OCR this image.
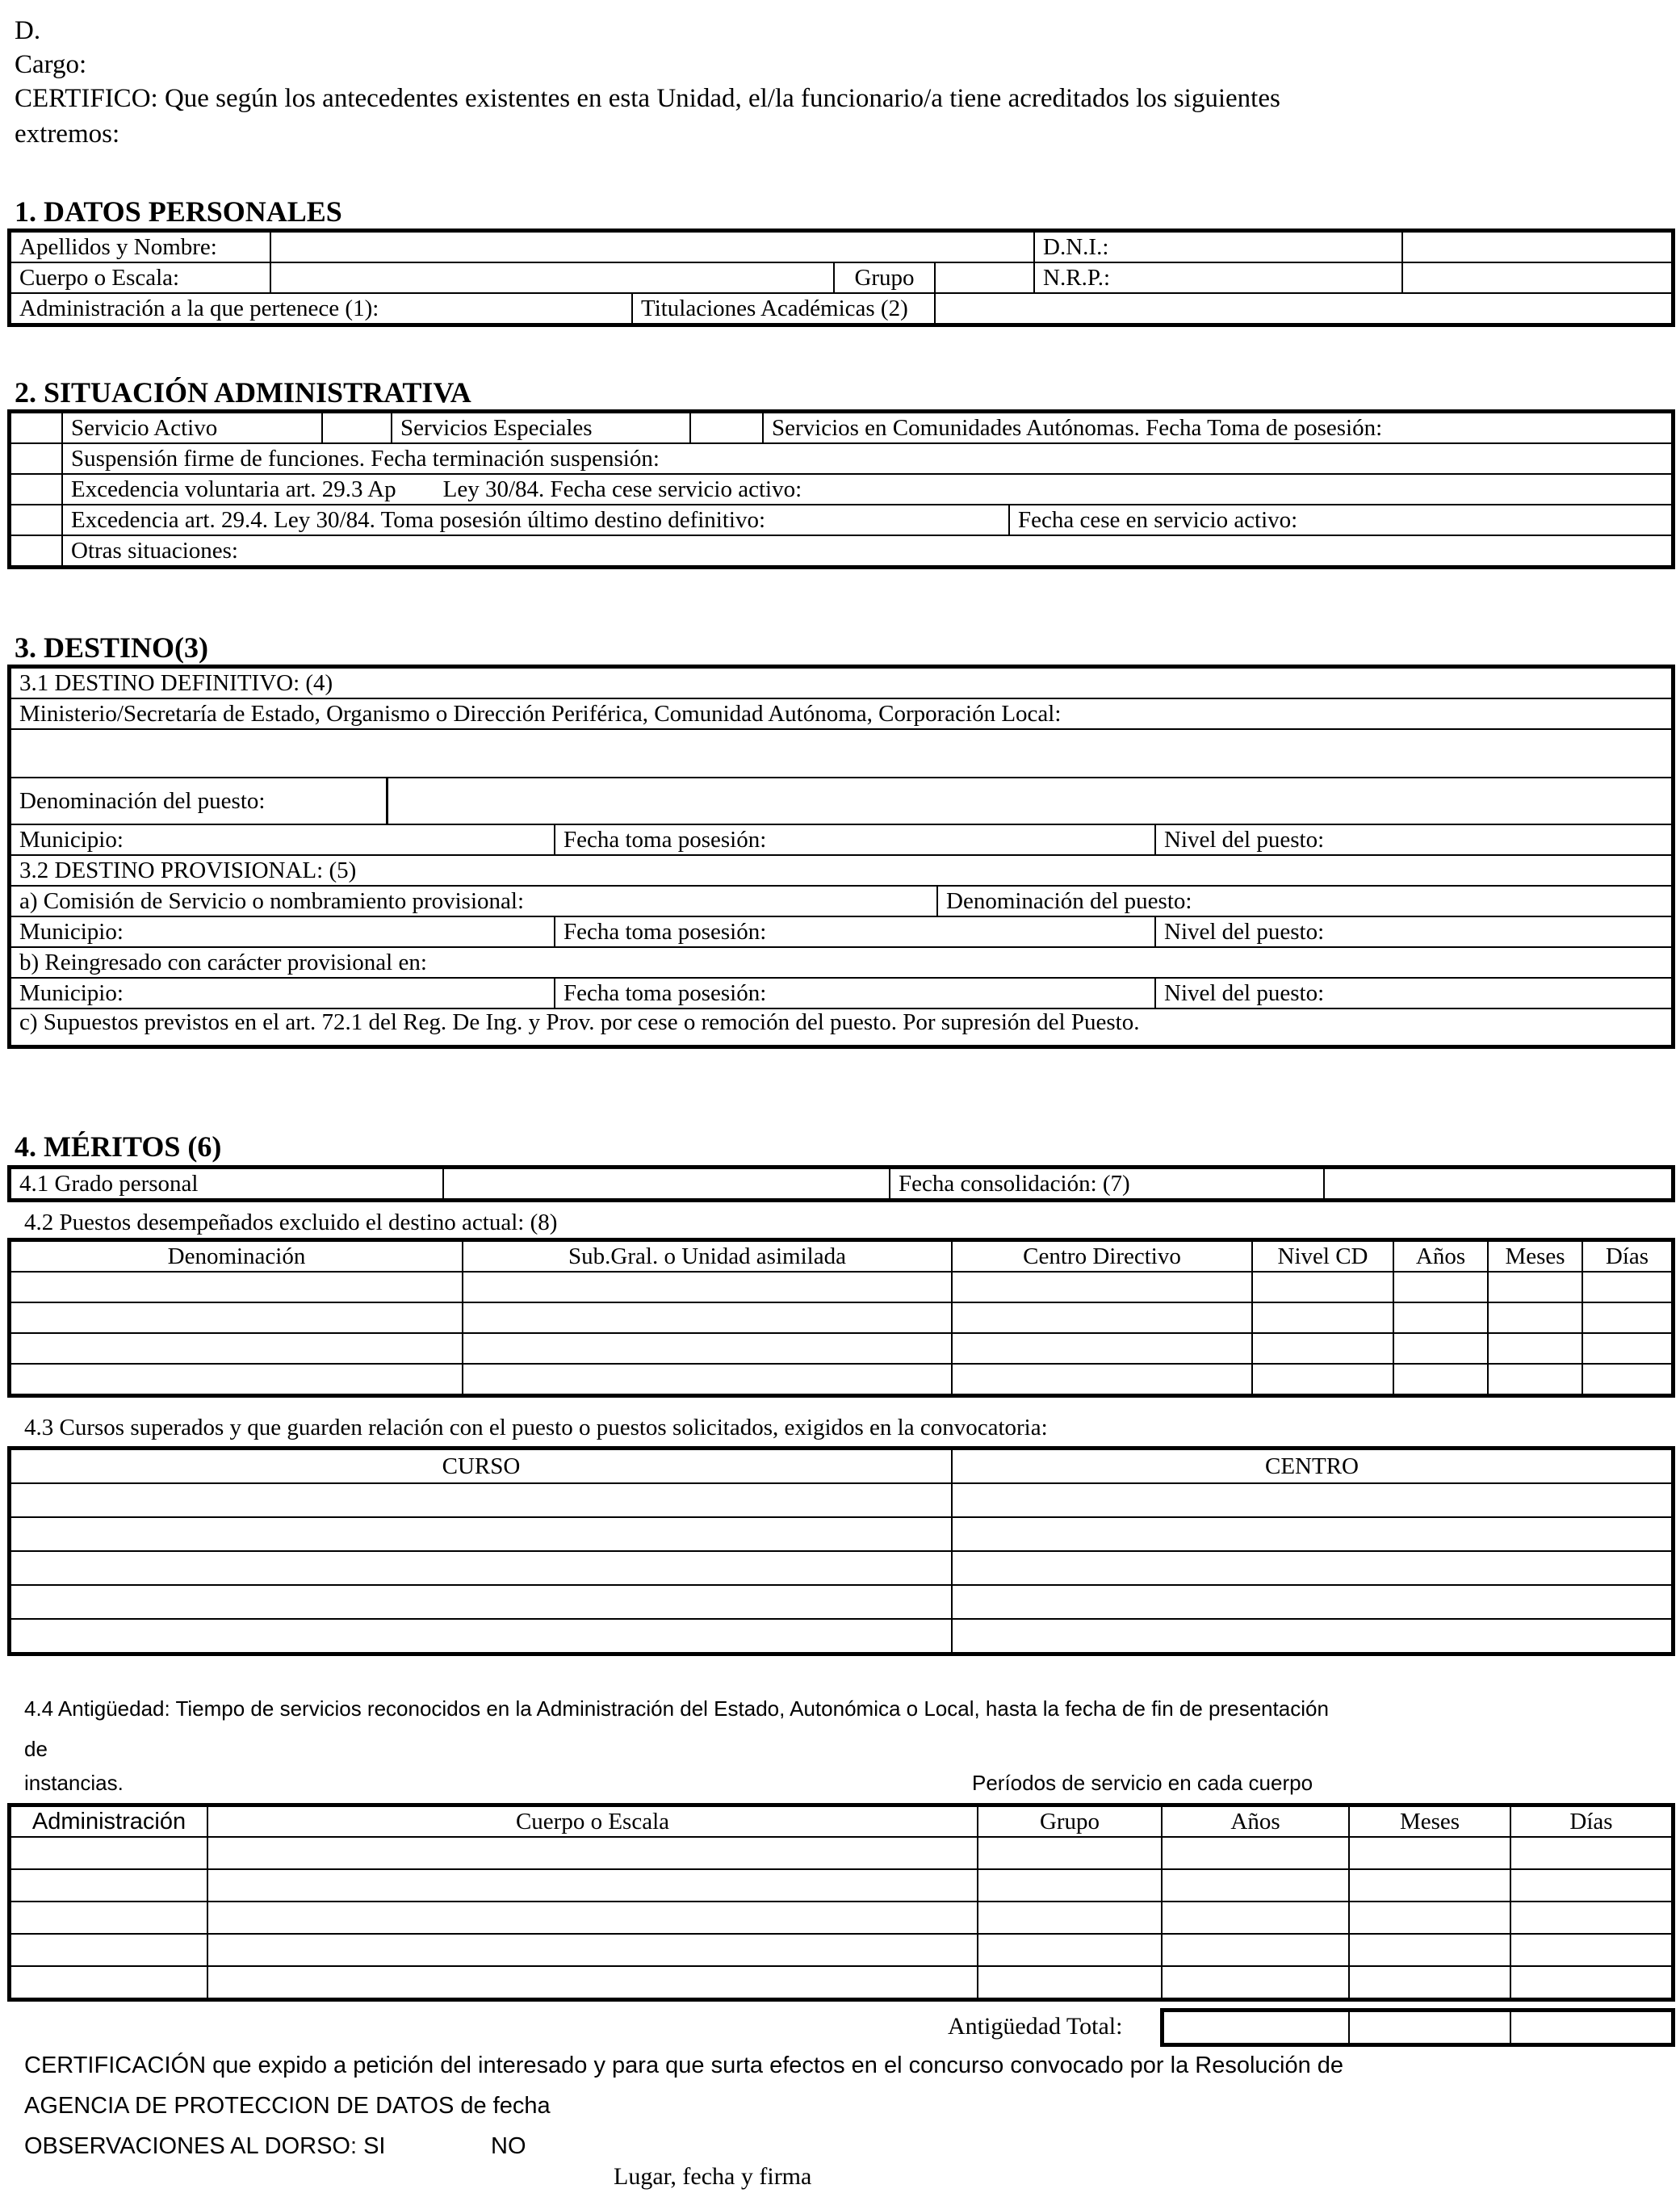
D.
Cargo:
CERTIFICO: Que según los antecedentes existentes en esta Unidad, el/la funcionario/a tiene acreditados los siguientes
extremos:
1. DATOS PERSONALES
Apellidos y Nombre:					D.N.I.:	
Cuerpo o Escala:			Grupo		N.R.P.:	
Administración a la que pertenece (1):		Titulaciones Académicas (2)				
2. SITUACIÓN ADMINISTRATIVA
	Servicio Activo		Servicios Especiales		Servicios en Comunidades Autónomas. Fecha Toma de posesión:	
	Suspensión firme de funciones. Fecha terminación suspensión:					
	Excedencia voluntaria art. 29.3 Ap        Ley 30/84. Fecha cese servicio activo:					
	Excedencia art. 29.4. Ley 30/84. Toma posesión último destino definitivo:					Fecha cese en servicio activo:
	Otras situaciones:					
3. DESTINO(3)
3.1 DESTINO DEFINITIVO: (4)				
Ministerio/Secretaría de Estado, Organismo o Dirección Periférica, Comunidad Autónoma, Corporación Local:				

Denominación del puesto:				
Municipio:		Fecha toma posesión:		Nivel del puesto:
3.2 DESTINO PROVISIONAL: (5)				
a) Comisión de Servicio o nombramiento provisional:			Denominación del puesto:	
Municipio:		Fecha toma posesión:		Nivel del puesto:
b) Reingresado con carácter provisional en:				
Municipio:		Fecha toma posesión:		Nivel del puesto:
c) Supuestos previstos en el art. 72.1 del Reg. De Ing. y Prov. por cese o remoción del puesto. Por supresión del Puesto.				
4. MÉRITOS (6)
4.1 Grado personal		Fecha consolidación: (7)	
4.2 Puestos desempeñados excluido el destino actual: (8)
Denominación	Sub.Gral. o Unidad asimilada	Centro Directivo	Nivel CD	Años	Meses	Días

4.3 Cursos superados y que guarden relación con el puesto o puestos solicitados, exigidos en la convocatoria:
CURSO	CENTRO

4.4 Antigüedad: Tiempo de servicios reconocidos en la Administración del Estado, Autonómica o Local, hasta la fecha de fin de presentación
de
instancias.	Períodos de servicio en cada cuerpo
Administración	Cuerpo o Escala	Grupo	Años	Meses	Días

Antigüedad Total:

CERTIFICACIÓN que expido a petición del interesado y para que surta efectos en el concurso convocado por la Resolución de
AGENCIA DE PROTECCION DE DATOS de fecha
OBSERVACIONES AL DORSO: SI	NO
Lugar, fecha y firma
